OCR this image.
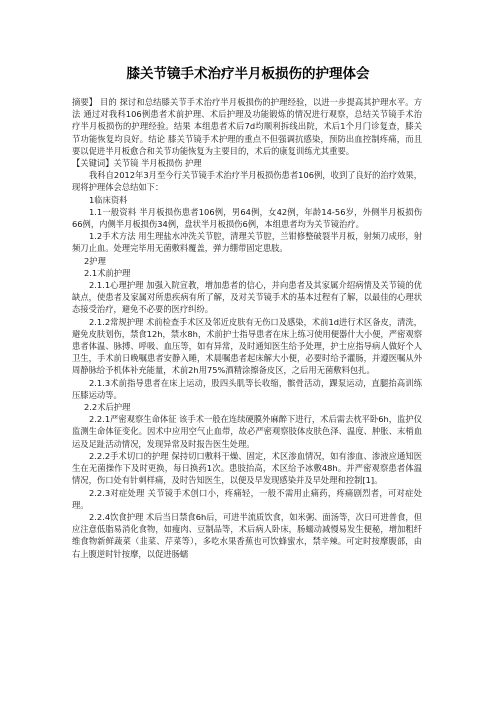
膝关节镜手术治疗半月板损伤的护理体会

摘要】 目的 探讨和总结膝关节手术治疗半月板损伤的护理经验，以进一步提高其护理水平。方法 通过对我科106例患者术前护理、术后护理及功能锻炼的情况进行观察，总结关节镜手术治疗半月板损伤的护理经验。结果 本组患者术后7d均顺利拆线出院，术后1个月门诊复查，膝关节功能恢复均良好。结论 膝关节镜手术护理的重点不但强调抗感染，预防出血控制疼痛，而且要以促进半月板愈合和关节功能恢复为主要目的，术后的康复训练尤其重要。

【关键词】关节镜 半月板损伤 护理

我科自2012年3月至今行关节镜手术治疗半月板损伤患者106例，收到了良好的治疗效果，现将护理体会总结如下：

1临床资料

1.1一般资料 半月板损伤患者106例，男64例，女42例，年龄14-56岁，外侧半月板损伤66例，内侧半月板损伤34例，盘状半月板损伤6例，本组患者均为关节镜治疗。

1.2手术方法 用生理盐水冲洗关节腔，清理关节腔，兰钳修整破裂半月板，射频刀成形，射频刀止血。处理完毕用无菌敷料覆盖，弹力绷带固定患肢。

2护理

2.1术前护理

2.1.1心理护理 加强入院宣教，增加患者的信心，并向患者及其家属介绍病情及关节镜的优缺点，使患者及家属对所患疾病有所了解，及对关节镜手术的基本过程有了解，以最佳的心理状态接受治疗，避免不必要的医疗纠纷。

2.1.2常规护理 术前检查手术区及邻近皮肤有无伤口及感染，术前1d进行术区备皮，清洗，避免皮肤划伤，禁食12h，禁水8h，术前护士指导患者在床上练习使用便器什大小便，严密观察患者体温、脉搏、呼吸、血压等，如有异常，及时通知医生给予处理，护士应指导病人做好个人卫生，手术前日晚嘱患者安静入睡，术晨嘱患者起床解大小便，必要时给予灌肠，并遵医嘱从外周静脉给予机体补充能量，术前2h用75%酒精涂擦备皮区，之后用无菌敷料包扎。

2.1.3术前指导患者在床上运动，股四头肌等长收缩，髌骨活动，踝泵运动，直腿抬高训练压膝运动等。

2.2术后护理

2.2.1严密观察生命体征 该手术一般在连续硬膜外麻醉下进行，术后需去枕平卧6h，监护仪监测生命体征变化。因术中应用空气止血带，故必严密观察肢体皮肤色泽、温度、肿胀、末梢血运及足趾活动情况，发现异常及时报告医生处理。

2.2.2手术切口的护理 保持切口敷料干燥、固定，术区渗血情况，如有渗血、渗液应通知医生在无菌操作下及时更换，每日换药1次。患肢抬高，术区给予冰敷48h。并严密观察患者体温情况，伤口处有针刺样痛，及时告知医生，以便及早发现感染并及早处理和控制[1]。

2.2.3对症处理 关节镜手术创口小，疼痛轻，一般不需用止痛药，疼痛剧烈者，可对症处理。

2.2.4饮食护理 术后当日禁食6h后，可进半流质饮食，如米粥、面汤等，次日可进普食，但应注意低脂易消化食物，如瘦肉、豆制品等，术后病人卧床，肠蠕动减慢易发生便秘，增加粗纤维食物新鲜蔬菜（韭菜、芹菜等），多吃水果香蕉也可饮蜂蜜水，禁辛辣。可定时按摩腹部，由右上腹逆时针按摩，以促进肠蠕
